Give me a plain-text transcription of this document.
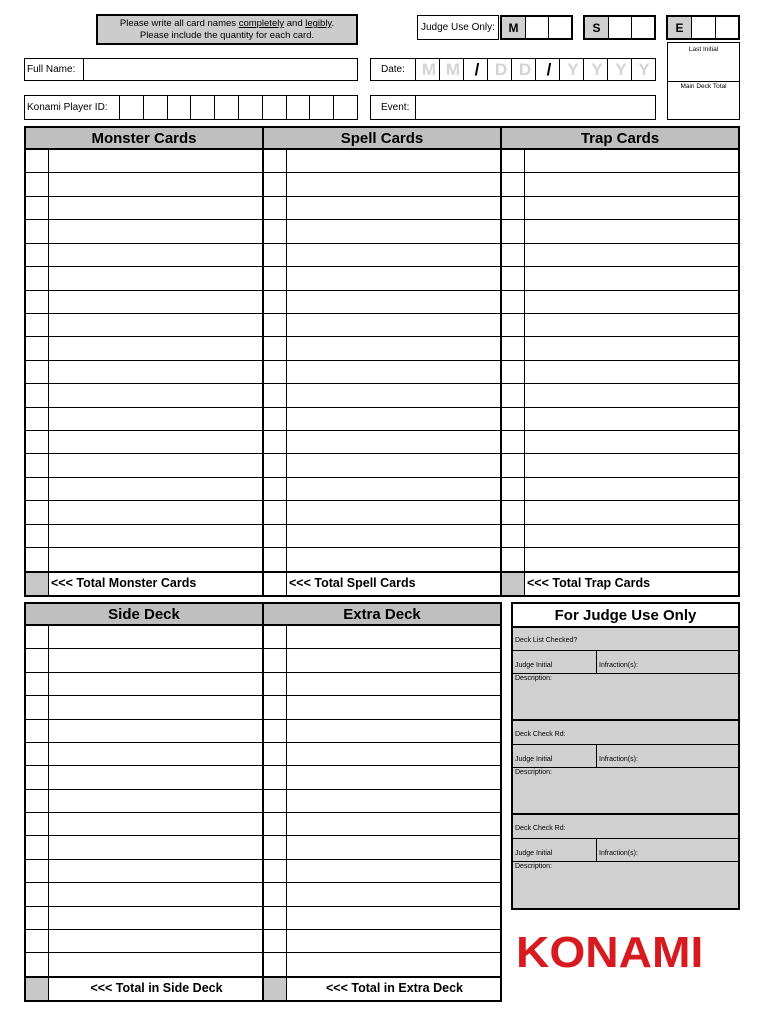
Please write all card names completely and legibly.
Please include the quantity for each card.
Judge Use Only:	M	S	E
Last Initial
Main Deck Total
Full Name:
Konami Player ID:
Date: M M / D D / Y Y Y Y
Event:
Monster Cards
<<< Total Monster Cards
Spell Cards
<<< Total Spell Cards
Trap Cards
<<< Total Trap Cards
Side Deck
<<< Total in Side Deck
Extra Deck
<<< Total in Extra Deck
For Judge Use Only
Deck List Checked?
Judge Initial	Infraction(s):
Description:
Deck Check Rd:
Judge Initial	Infraction(s):
Description:
Deck Check Rd:
Judge Initial	Infraction(s):
Description:
KONAMI
